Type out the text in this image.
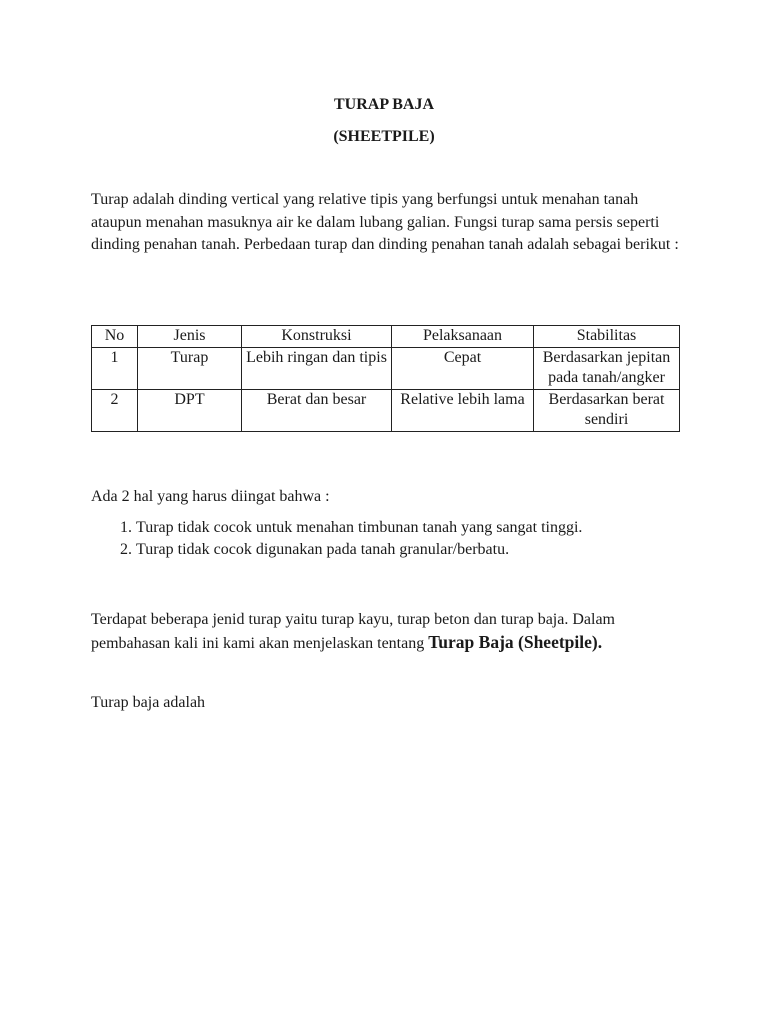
TURAP BAJA
(SHEETPILE)

Turap adalah dinding vertical yang relative tipis yang berfungsi untuk menahan tanah ataupun menahan masuknya air ke dalam lubang galian. Fungsi turap sama persis seperti dinding penahan tanah. Perbedaan turap dan dinding penahan tanah adalah sebagai berikut :

No	Jenis	Konstruksi	Pelaksanaan	Stabilitas
1	Turap	Lebih ringan dan tipis	Cepat	Berdasarkan jepitan pada tanah/angker
2	DPT	Berat dan besar	Relative lebih lama	Berdasarkan berat sendiri

Ada 2 hal yang harus diingat bahwa :

1. Turap tidak cocok untuk menahan timbunan tanah yang sangat tinggi.
2. Turap tidak cocok digunakan pada tanah granular/berbatu.

Terdapat beberapa jenid turap yaitu turap kayu, turap beton dan turap baja. Dalam pembahasan kali ini kami akan menjelaskan tentang Turap Baja (Sheetpile).

Turap baja adalah
